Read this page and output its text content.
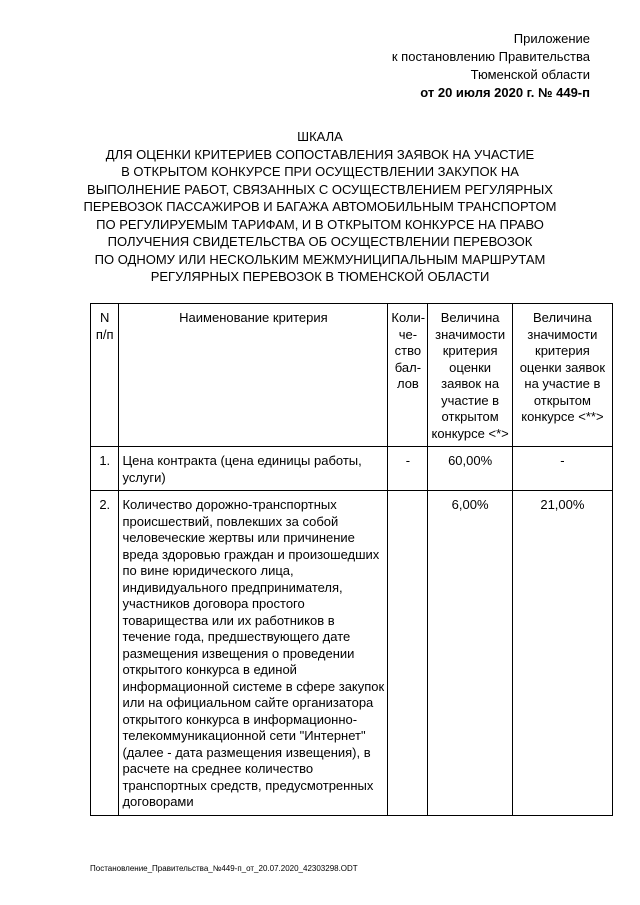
Приложение
к постановлению Правительства
Тюменской области
от 20 июля 2020 г. № 449-п
ШКАЛА
ДЛЯ ОЦЕНКИ КРИТЕРИЕВ СОПОСТАВЛЕНИЯ ЗАЯВОК НА УЧАСТИЕ
В ОТКРЫТОМ КОНКУРСЕ ПРИ ОСУЩЕСТВЛЕНИИ ЗАКУПОК НА
ВЫПОЛНЕНИЕ РАБОТ, СВЯЗАННЫХ С ОСУЩЕСТВЛЕНИЕМ РЕГУЛЯРНЫХ
ПЕРЕВОЗОК ПАССАЖИРОВ И БАГАЖА АВТОМОБИЛЬНЫМ ТРАНСПОРТОМ
ПО РЕГУЛИРУЕМЫМ ТАРИФАМ, И В ОТКРЫТОМ КОНКУРСЕ НА ПРАВО
ПОЛУЧЕНИЯ СВИДЕТЕЛЬСТВА ОБ ОСУЩЕСТВЛЕНИИ ПЕРЕВОЗОК
ПО ОДНОМУ ИЛИ НЕСКОЛЬКИМ МЕЖМУНИЦИПАЛЬНЫМ МАРШРУТАМ
РЕГУЛЯРНЫХ ПЕРЕВОЗОК В ТЮМЕНСКОЙ ОБЛАСТИ
N п/п	Наименование критерия	Коли-че-ство бал-лов	Величина значимости критерия оценки заявок на участие в открытом конкурсе <*>	Величина значимости критерия оценки заявок на участие в открытом конкурсе <**>
1.	Цена контракта (цена единицы работы, услуги)	-	60,00%	-
2.	Количество дорожно-транспортных происшествий, повлекших за собой человеческие жертвы или причинение вреда здоровью граждан и произошедших по вине юридического лица, индивидуального предпринимателя, участников договора простого товарищества или их работников в течение года, предшествующего дате размещения извещения о проведении открытого конкурса в единой информационной системе в сфере закупок или на официальном сайте организатора открытого конкурса в информационно-телекоммуникационной сети "Интернет" (далее - дата размещения извещения), в расчете на среднее количество транспортных средств, предусмотренных договорами		6,00%	21,00%
Постановление_Правительства_№449-п_от_20.07.2020_42303298.ODT
